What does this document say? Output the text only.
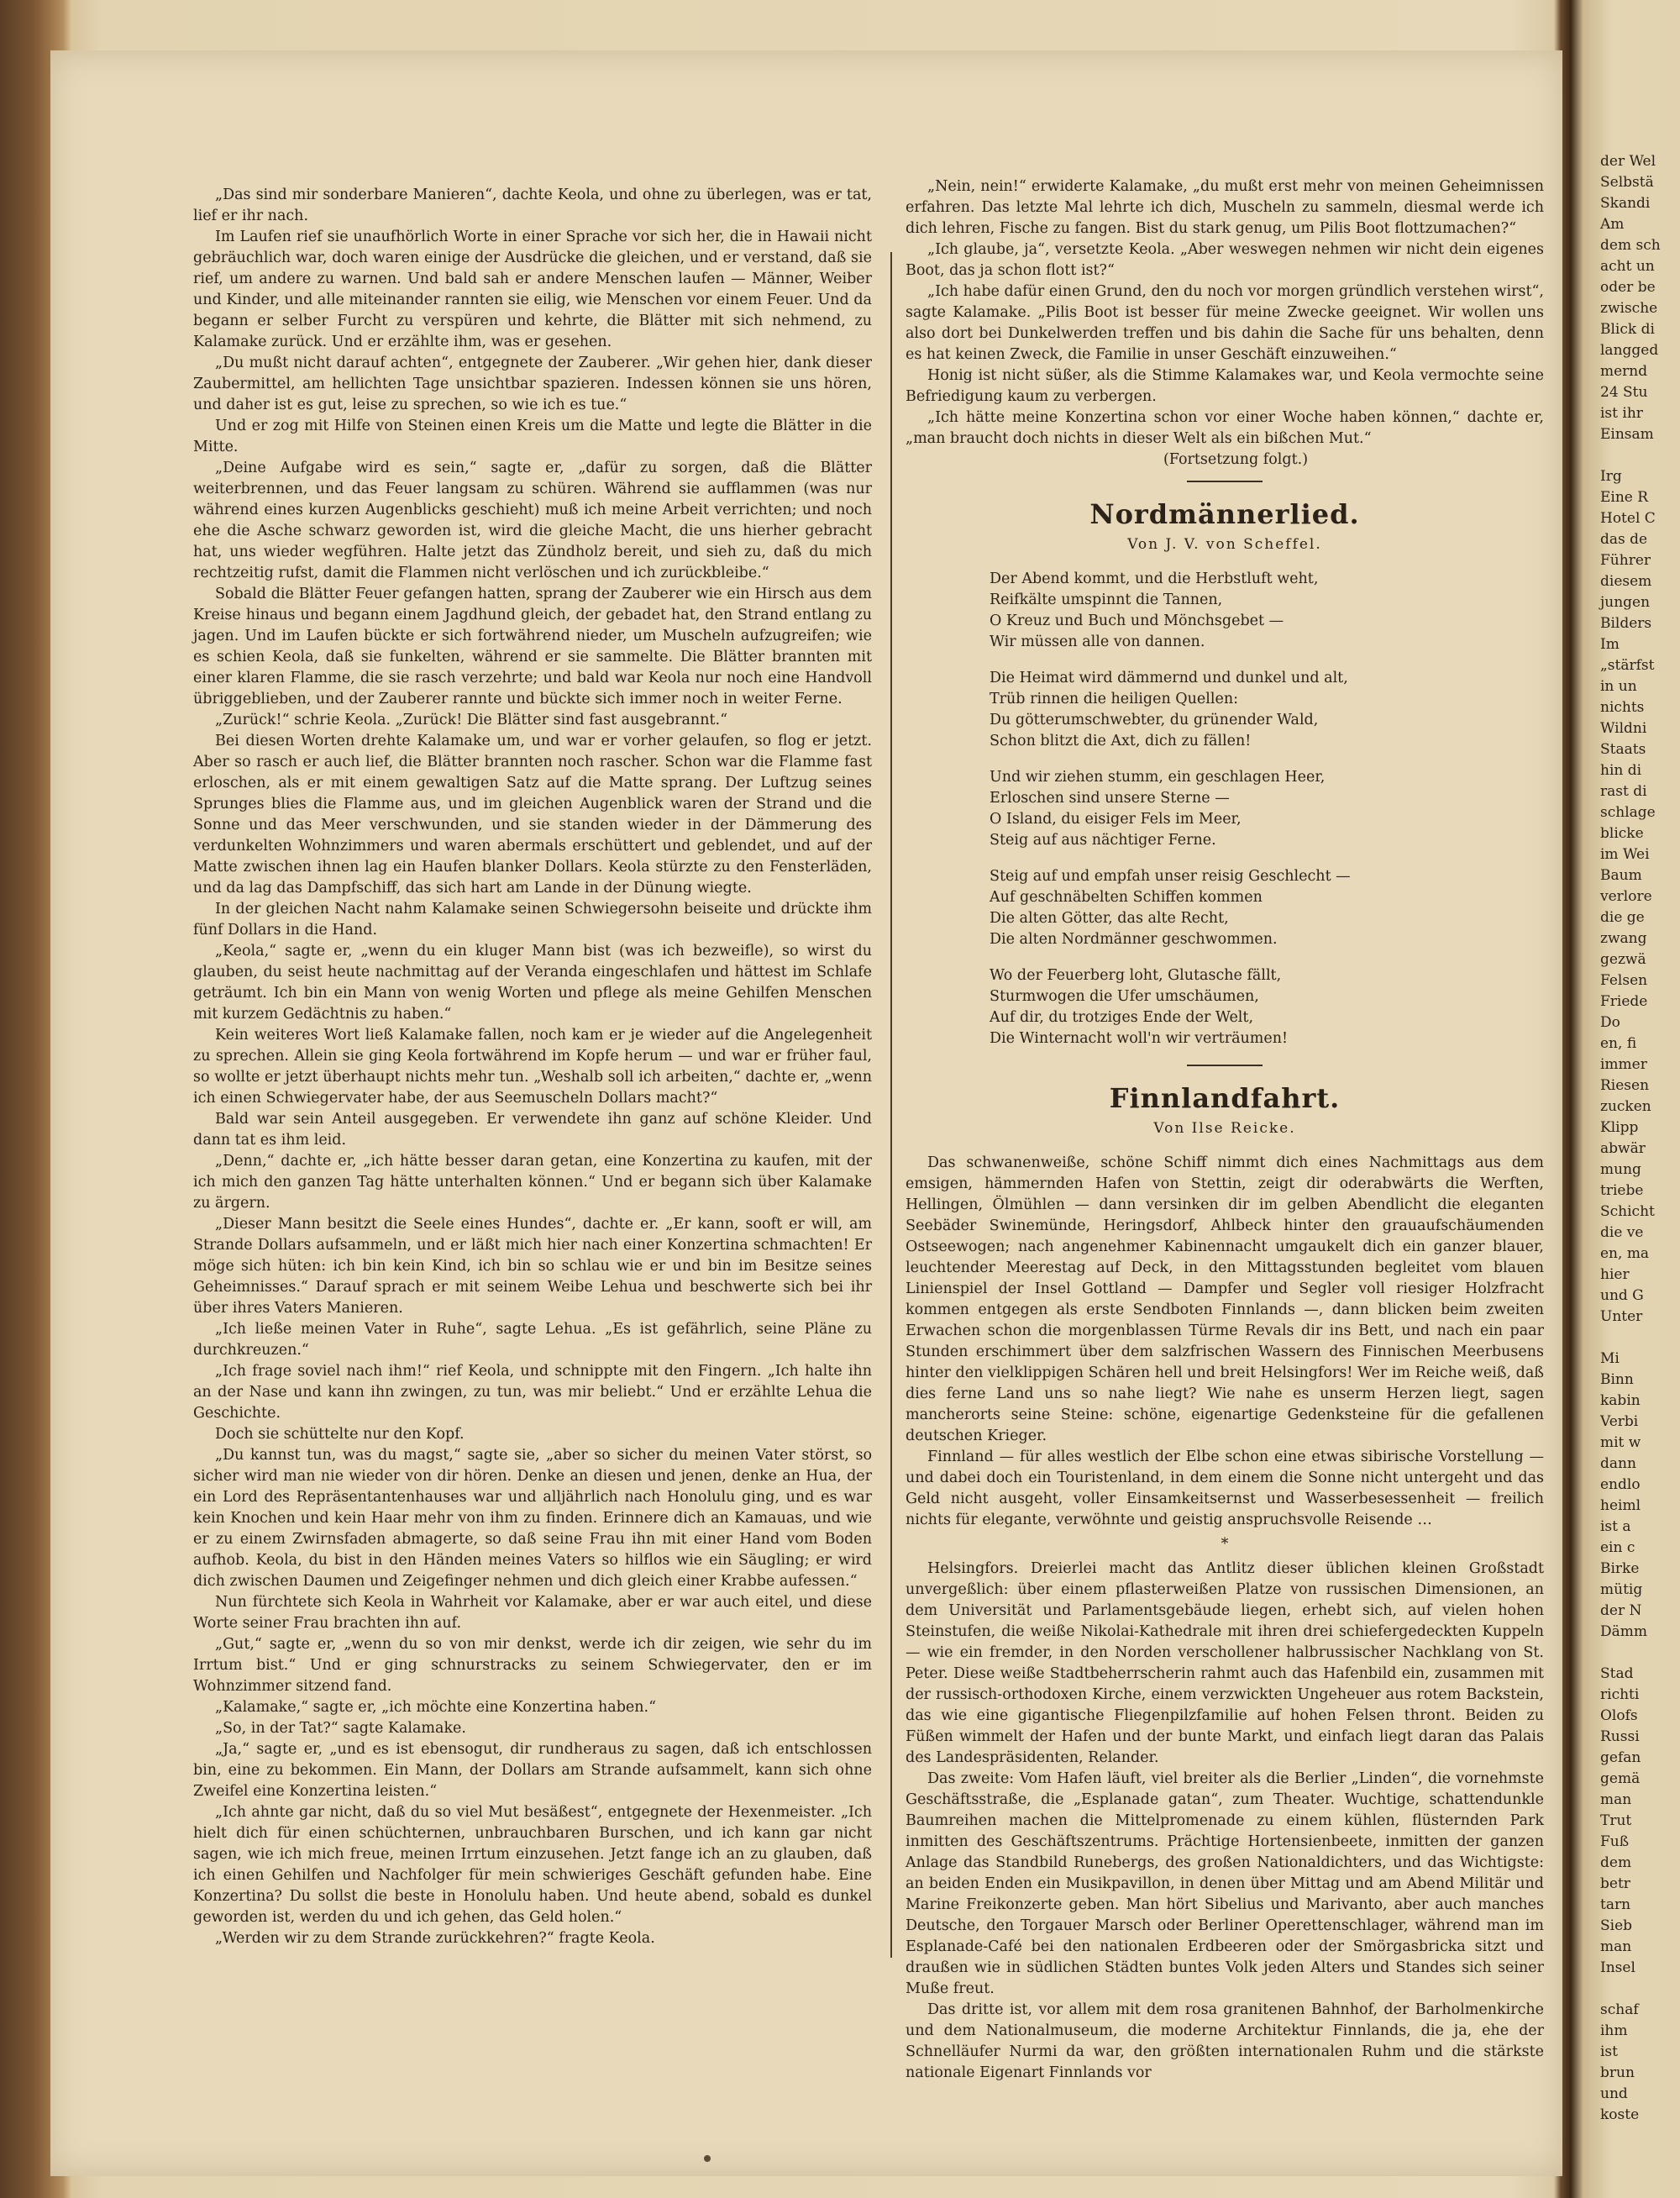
„Das sind mir sonderbare Manieren“, dachte Keola, und ohne zu überlegen, was er tat, lief er ihr nach.

Im Laufen rief sie unaufhörlich Worte in einer Sprache vor sich her, die in Hawaii nicht gebräuchlich war, doch waren einige der Ausdrücke die gleichen, und er verstand, daß sie rief, um andere zu warnen. Und bald sah er andere Menschen laufen — Männer, Weiber und Kinder, und alle miteinander rannten sie eilig, wie Menschen vor einem Feuer. Und da begann er selber Furcht zu verspüren und kehrte, die Blätter mit sich nehmend, zu Kalamake zurück. Und er erzählte ihm, was er gesehen.

„Du mußt nicht darauf achten“, entgegnete der Zauberer. „Wir gehen hier, dank dieser Zaubermittel, am hellichten Tage unsichtbar spazieren. Indessen können sie uns hören, und daher ist es gut, leise zu sprechen, so wie ich es tue.“

Und er zog mit Hilfe von Steinen einen Kreis um die Matte und legte die Blätter in die Mitte.

„Deine Aufgabe wird es sein,“ sagte er, „dafür zu sorgen, daß die Blätter weiterbrennen, und das Feuer langsam zu schüren. Während sie aufflammen (was nur während eines kurzen Augenblicks geschieht) muß ich meine Arbeit verrichten; und noch ehe die Asche schwarz geworden ist, wird die gleiche Macht, die uns hierher gebracht hat, uns wieder wegführen. Halte jetzt das Zündholz bereit, und sieh zu, daß du mich rechtzeitig rufst, damit die Flammen nicht verlöschen und ich zurückbleibe.“

Sobald die Blätter Feuer gefangen hatten, sprang der Zauberer wie ein Hirsch aus dem Kreise hinaus und begann einem Jagdhund gleich, der gebadet hat, den Strand entlang zu jagen. Und im Laufen bückte er sich fortwährend nieder, um Muscheln aufzugreifen; wie es schien Keola, daß sie funkelten, während er sie sammelte. Die Blätter brannten mit einer klaren Flamme, die sie rasch verzehrte; und bald war Keola nur noch eine Handvoll übriggeblieben, und der Zauberer rannte und bückte sich immer noch in weiter Ferne.

„Zurück!“ schrie Keola. „Zurück! Die Blätter sind fast ausgebrannt.“

Bei diesen Worten drehte Kalamake um, und war er vorher gelaufen, so flog er jetzt. Aber so rasch er auch lief, die Blätter brannten noch rascher. Schon war die Flamme fast erloschen, als er mit einem gewaltigen Satz auf die Matte sprang. Der Luftzug seines Sprunges blies die Flamme aus, und im gleichen Augenblick waren der Strand und die Sonne und das Meer verschwunden, und sie standen wieder in der Dämmerung des verdunkelten Wohnzimmers und waren abermals erschüttert und geblendet, und auf der Matte zwischen ihnen lag ein Haufen blanker Dollars. Keola stürzte zu den Fensterläden, und da lag das Dampfschiff, das sich hart am Lande in der Dünung wiegte.

In der gleichen Nacht nahm Kalamake seinen Schwiegersohn beiseite und drückte ihm fünf Dollars in die Hand.

„Keola,“ sagte er, „wenn du ein kluger Mann bist (was ich bezweifle), so wirst du glauben, du seist heute nachmittag auf der Veranda eingeschlafen und hättest im Schlafe geträumt. Ich bin ein Mann von wenig Worten und pflege als meine Gehilfen Menschen mit kurzem Gedächtnis zu haben.“

Kein weiteres Wort ließ Kalamake fallen, noch kam er je wieder auf die Angelegenheit zu sprechen. Allein sie ging Keola fortwährend im Kopfe herum — und war er früher faul, so wollte er jetzt überhaupt nichts mehr tun. „Weshalb soll ich arbeiten,“ dachte er, „wenn ich einen Schwiegervater habe, der aus Seemuscheln Dollars macht?“

Bald war sein Anteil ausgegeben. Er verwendete ihn ganz auf schöne Kleider. Und dann tat es ihm leid.

„Denn,“ dachte er, „ich hätte besser daran getan, eine Konzertina zu kaufen, mit der ich mich den ganzen Tag hätte unterhalten können.“ Und er begann sich über Kalamake zu ärgern.

„Dieser Mann besitzt die Seele eines Hundes“, dachte er. „Er kann, sooft er will, am Strande Dollars aufsammeln, und er läßt mich hier nach einer Konzertina schmachten! Er möge sich hüten: ich bin kein Kind, ich bin so schlau wie er und bin im Besitze seines Geheimnisses.“ Darauf sprach er mit seinem Weibe Lehua und beschwerte sich bei ihr über ihres Vaters Manieren.

„Ich ließe meinen Vater in Ruhe“, sagte Lehua. „Es ist gefährlich, seine Pläne zu durchkreuzen.“

„Ich frage soviel nach ihm!“ rief Keola, und schnippte mit den Fingern. „Ich halte ihn an der Nase und kann ihn zwingen, zu tun, was mir beliebt.“ Und er erzählte Lehua die Geschichte.

Doch sie schüttelte nur den Kopf.

„Du kannst tun, was du magst,“ sagte sie, „aber so sicher du meinen Vater störst, so sicher wird man nie wieder von dir hören. Denke an diesen und jenen, denke an Hua, der ein Lord des Repräsentantenhauses war und alljährlich nach Honolulu ging, und es war kein Knochen und kein Haar mehr von ihm zu finden. Erinnere dich an Kamauas, und wie er zu einem Zwirnsfaden abmagerte, so daß seine Frau ihn mit einer Hand vom Boden aufhob. Keola, du bist in den Händen meines Vaters so hilflos wie ein Säugling; er wird dich zwischen Daumen und Zeigefinger nehmen und dich gleich einer Krabbe aufessen.“

Nun fürchtete sich Keola in Wahrheit vor Kalamake, aber er war auch eitel, und diese Worte seiner Frau brachten ihn auf.

„Gut,“ sagte er, „wenn du so von mir denkst, werde ich dir zeigen, wie sehr du im Irrtum bist.“ Und er ging schnurstracks zu seinem Schwiegervater, den er im Wohnzimmer sitzend fand.

„Kalamake,“ sagte er, „ich möchte eine Konzertina haben.“

„So, in der Tat?“ sagte Kalamake.

„Ja,“ sagte er, „und es ist ebensogut, dir rundheraus zu sagen, daß ich entschlossen bin, eine zu bekommen. Ein Mann, der Dollars am Strande aufsammelt, kann sich ohne Zweifel eine Konzertina leisten.“

„Ich ahnte gar nicht, daß du so viel Mut besäßest“, entgegnete der Hexenmeister. „Ich hielt dich für einen schüchternen, unbrauchbaren Burschen, und ich kann gar nicht sagen, wie ich mich freue, meinen Irrtum einzusehen. Jetzt fange ich an zu glauben, daß ich einen Gehilfen und Nachfolger für mein schwieriges Geschäft gefunden habe. Eine Konzertina? Du sollst die beste in Honolulu haben. Und heute abend, sobald es dunkel geworden ist, werden du und ich gehen, das Geld holen.“

„Werden wir zu dem Strande zurückkehren?“ fragte Keola.

„Nein, nein!“ erwiderte Kalamake, „du mußt erst mehr von meinen Geheimnissen erfahren. Das letzte Mal lehrte ich dich, Muscheln zu sammeln, diesmal werde ich dich lehren, Fische zu fangen. Bist du stark genug, um Pilis Boot flottzumachen?“

„Ich glaube, ja“, versetzte Keola. „Aber weswegen nehmen wir nicht dein eigenes Boot, das ja schon flott ist?“

„Ich habe dafür einen Grund, den du noch vor morgen gründlich verstehen wirst“, sagte Kalamake. „Pilis Boot ist besser für meine Zwecke geeignet. Wir wollen uns also dort bei Dunkelwerden treffen und bis dahin die Sache für uns behalten, denn es hat keinen Zweck, die Familie in unser Geschäft einzuweihen.“

Honig ist nicht süßer, als die Stimme Kalamakes war, und Keola vermochte seine Befriedigung kaum zu verbergen.

„Ich hätte meine Konzertina schon vor einer Woche haben können,“ dachte er, „man braucht doch nichts in dieser Welt als ein bißchen Mut.“

(Fortsetzung folgt.)

Nordmännerlied.
Von J. V. von Scheffel.
Der Abend kommt, und die Herbstluft weht,
Reifkälte umspinnt die Tannen,
O Kreuz und Buch und Mönchsgebet —
Wir müssen alle von dannen.
Die Heimat wird dämmernd und dunkel und alt,
Trüb rinnen die heiligen Quellen:
Du götterumschwebter, du grünender Wald,
Schon blitzt die Axt, dich zu fällen!
Und wir ziehen stumm, ein geschlagen Heer,
Erloschen sind unsere Sterne —
O Island, du eisiger Fels im Meer,
Steig auf aus nächtiger Ferne.
Steig auf und empfah unser reisig Geschlecht —
Auf geschnäbelten Schiffen kommen
Die alten Götter, das alte Recht,
Die alten Nordmänner geschwommen.
Wo der Feuerberg loht, Glutasche fällt,
Sturmwogen die Ufer umschäumen,
Auf dir, du trotziges Ende der Welt,
Die Winternacht woll'n wir verträumen!
Finnlandfahrt.
Von Ilse Reicke.

Das schwanenweiße, schöne Schiff nimmt dich eines Nachmittags aus dem emsigen, hämmernden Hafen von Stettin, zeigt dir oderabwärts die Werften, Hellingen, Ölmühlen — dann versinken dir im gelben Abendlicht die eleganten Seebäder Swinemünde, Heringsdorf, Ahlbeck hinter den grauaufschäumenden Ostseewogen; nach angenehmer Kabinennacht umgaukelt dich ein ganzer blauer, leuchtender Meerestag auf Deck, in den Mittagsstunden begleitet vom blauen Linienspiel der Insel Gottland — Dampfer und Segler voll riesiger Holzfracht kommen entgegen als erste Sendboten Finnlands —, dann blicken beim zweiten Erwachen schon die morgenblassen Türme Revals dir ins Bett, und nach ein paar Stunden erschimmert über dem salzfrischen Wassern des Finnischen Meerbusens hinter den vielklippigen Schären hell und breit Helsingfors! Wer im Reiche weiß, daß dies ferne Land uns so nahe liegt? Wie nahe es unserm Herzen liegt, sagen mancherorts seine Steine: schöne, eigenartige Gedenksteine für die gefallenen deutschen Krieger.

Finnland — für alles westlich der Elbe schon eine etwas sibirische Vorstellung — und dabei doch ein Touristenland, in dem einem die Sonne nicht untergeht und das Geld nicht ausgeht, voller Einsamkeitsernst und Wasserbesessenheit — freilich nichts für elegante, verwöhnte und geistig anspruchsvolle Reisende …

*

Helsingfors. Dreierlei macht das Antlitz dieser üblichen kleinen Großstadt unvergeßlich: über einem pflasterweißen Platze von russischen Dimensionen, an dem Universität und Parlamentsgebäude liegen, erhebt sich, auf vielen hohen Steinstufen, die weiße Nikolai-Kathedrale mit ihren drei schiefergedeckten Kuppeln — wie ein fremder, in den Norden verschollener halbrussischer Nachklang von St. Peter. Diese weiße Stadtbeherrscherin rahmt auch das Hafenbild ein, zusammen mit der russisch-orthodoxen Kirche, einem verzwickten Ungeheuer aus rotem Backstein, das wie eine gigantische Fliegenpilzfamilie auf hohen Felsen thront. Beiden zu Füßen wimmelt der Hafen und der bunte Markt, und einfach liegt daran das Palais des Landespräsidenten, Relander.

Das zweite: Vom Hafen läuft, viel breiter als die Berlier „Linden“, die vornehmste Geschäftsstraße, die „Esplanade gatan“, zum Theater. Wuchtige, schattendunkle Baumreihen machen die Mittelpromenade zu einem kühlen, flüsternden Park inmitten des Geschäftszentrums. Prächtige Hortensienbeete, inmitten der ganzen Anlage das Standbild Runebergs, des großen Nationaldichters, und das Wichtigste: an beiden Enden ein Musikpavillon, in denen über Mittag und am Abend Militär und Marine Freikonzerte geben. Man hört Sibelius und Marivanto, aber auch manches Deutsche, den Torgauer Marsch oder Berliner Operettenschlager, während man im Esplanade-Café bei den nationalen Erdbeeren oder der Smörgasbricka sitzt und draußen wie in südlichen Städten buntes Volk jeden Alters und Standes sich seiner Muße freut.

Das dritte ist, vor allem mit dem rosa granitenen Bahnhof, der Barholmenkirche und dem Nationalmuseum, die moderne Architektur Finnlands, die ja, ehe der Schnelläufer Nurmi da war, den größten internationalen Ruhm und die stärkste nationale Eigenart Finnlands vor

der Wel
Selbstä
Skandi
Am
dem sch
acht un
oder be
zwische
Blick di
langged
mernd
24 Stu
ist ihr
Einsam

Irg
Eine R
Hotel C
das de
Führer
diesem
jungen
Bilders
Im
„stärfst
in un
nichts
Wildni
Staats
hin di
rast di
schlage
blicke
im Wei
Baum
verlore
die ge
zwang
gezwä
Felsen
Friede
Do
en, fi
immer
Riesen
zucken
Klipp
abwär
mung
triebe
Schicht
die ve
en, ma
hier
und G
Unter

Mi
Binn
kabin
Verbi
mit w
dann
endlo
heiml
ist a
ein c
Birke
mütig
der N
Dämm

Stad
richti
Olofs
Russi
gefan
gemä
man
Trut
Fuß
dem
betr
tarn
Sieb
man
Insel

schaf
ihm
ist
brun
und
koste
